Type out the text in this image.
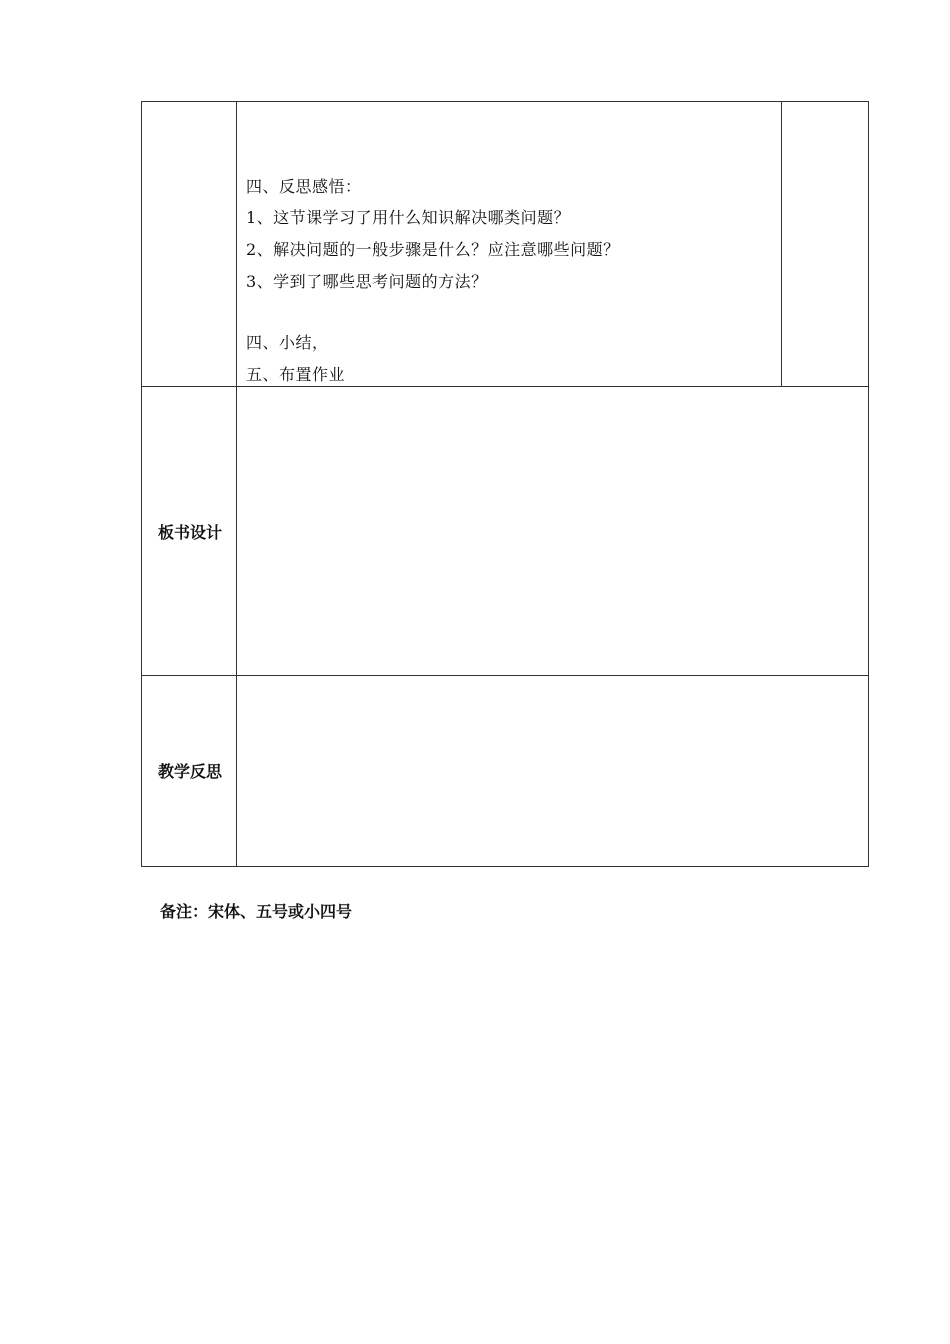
四、反思感悟：
1、这节课学习了用什么知识解决哪类问题？
2、解决问题的一般步骤是什么？应注意哪些问题？
3、学到了哪些思考问题的方法？
四、小结，
五、布置作业
板书设计
教学反思
备注：宋体、五号或小四号
